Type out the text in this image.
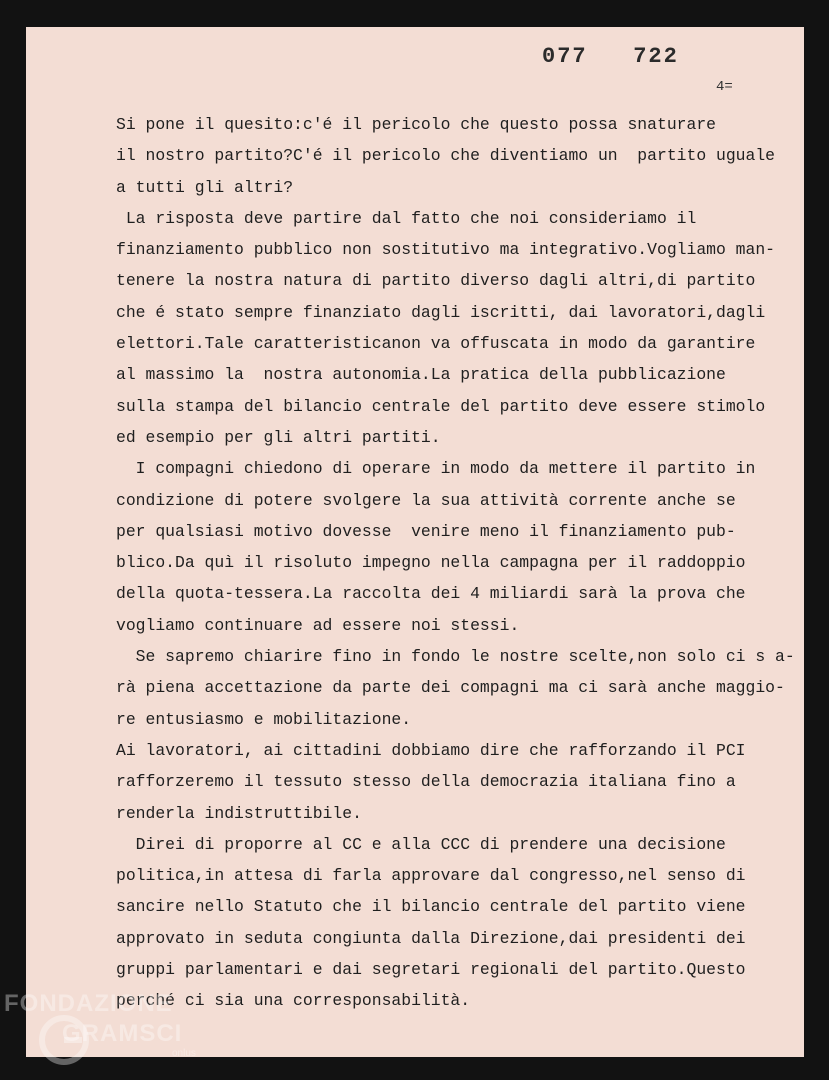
077   722
4=
Si pone il quesito:c'é il pericolo che questo possa snaturare
il nostro partito?C'é il pericolo che diventiamo un  partito uguale
a tutti gli altri?
La risposta deve partire dal fatto che noi consideriamo il
finanziamento pubblico non sostitutivo ma integrativo.Vogliamo man-
tenere la nostra natura di partito diverso dagli altri,di partito
che é stato sempre finanziato dagli iscritti, dai lavoratori,dagli
elettori.Tale caratteristicanon va offuscata in modo da garantire
al massimo la  nostra autonomia.La pratica della pubblicazione
sulla stampa del bilancio centrale del partito deve essere stimolo
ed esempio per gli altri partiti.
I compagni chiedono di operare in modo da mettere il partito in
condizione di potere svolgere la sua attività corrente anche se
per qualsiasi motivo dovesse  venire meno il finanziamento pub-
blico.Da quì il risoluto impegno nella campagna per il raddoppio
della quota-tessera.La raccolta dei 4 miliardi sarà la prova che
vogliamo continuare ad essere noi stessi.
Se sapremo chiarire fino in fondo le nostre scelte,non solo ci s a-
rà piena accettazione da parte dei compagni ma ci sarà anche maggio-
re entusiasmo e mobilitazione.
Ai lavoratori, ai cittadini dobbiamo dire che rafforzando il PCI
rafforzeremo il tessuto stesso della democrazia italiana fino a
renderla indistruttibile.
Direi di proporre al CC e alla CCC di prendere una decisione
politica,in attesa di farla approvare dal congresso,nel senso di
sancire nello Statuto che il bilancio centrale del partito viene
approvato in seduta congiunta dalla Direzione,dai presidenti dei
gruppi parlamentari e dai segretari regionali del partito.Questo
perché ci sia una corresponsabilità.
FONDAZIONE
GRAMSCI
onlus
